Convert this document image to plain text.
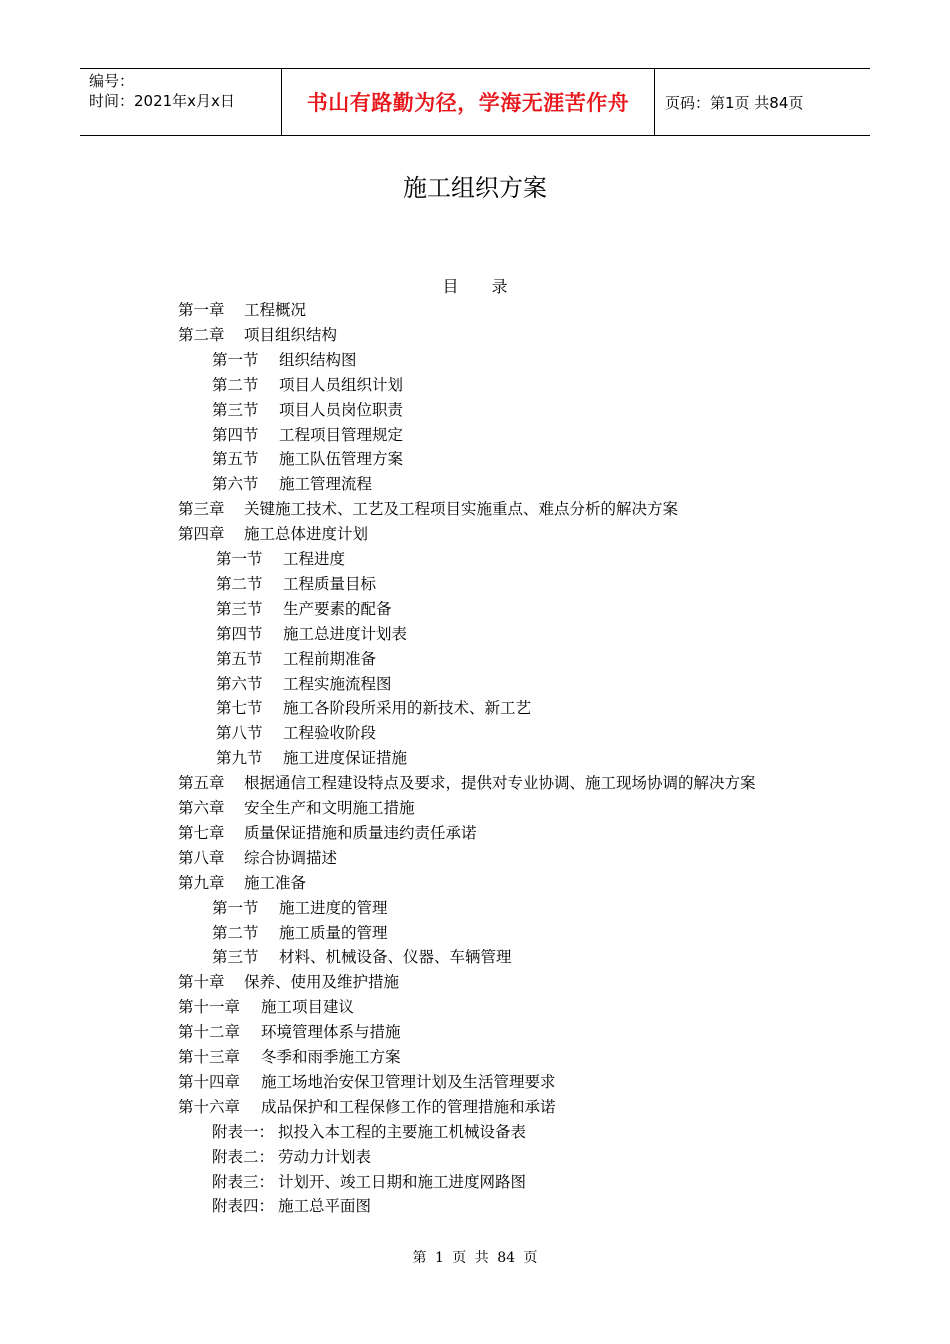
编号：
时间：2021年x月x日	书山有路勤为径，学海无涯苦作舟	页码：第1页 共84页
施工组织方案
目 录
第一章 工程概况
第二章 项目组织结构
第一节 组织结构图
第二节 项目人员组织计划
第三节 项目人员岗位职责
第四节 工程项目管理规定
第五节 施工队伍管理方案
第六节 施工管理流程
第三章 关键施工技术、工艺及工程项目实施重点、难点分析的解决方案
第四章 施工总体进度计划
第一节 工程进度
第二节 工程质量目标
第三节 生产要素的配备
第四节 施工总进度计划表
第五节 工程前期准备
第六节 工程实施流程图
第七节 施工各阶段所采用的新技术、新工艺
第八节 工程验收阶段
第九节 施工进度保证措施
第五章 根据通信工程建设特点及要求，提供对专业协调、施工现场协调的解决方案
第六章 安全生产和文明施工措施
第七章 质量保证措施和质量违约责任承诺
第八章 综合协调描述
第九章 施工准备
第一节 施工进度的管理
第二节 施工质量的管理
第三节 材料、机械设备、仪器、车辆管理
第十章 保养、使用及维护措施
第十一章 施工项目建议
第十二章 环境管理体系与措施
第十三章 冬季和雨季施工方案
第十四章 施工场地治安保卫管理计划及生活管理要求
第十六章 成品保护和工程保修工作的管理措施和承诺
附表一： 拟投入本工程的主要施工机械设备表
附表二： 劳动力计划表
附表三： 计划开、竣工日期和施工进度网路图
附表四： 施工总平面图
第 1 页 共 84 页
